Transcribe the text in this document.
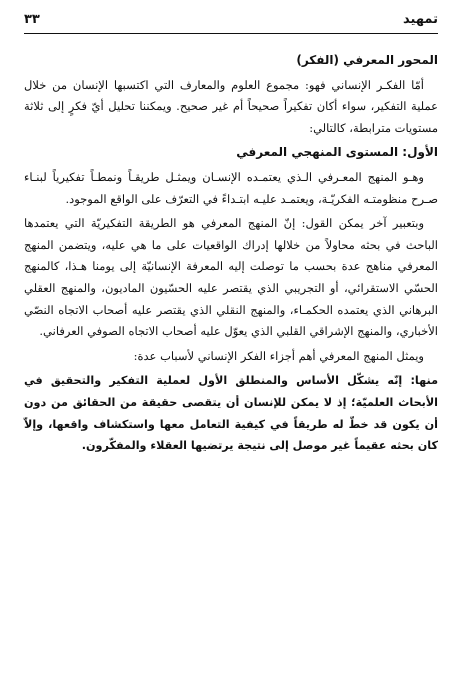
تمهيد
٣٣
المحور المعرفي (الفكر)

أمّا الفكـر الإنساني فهو: مجموع العلوم والمعارف التي اكتسبها الإنسان من خلال عملية التفكير، سواء أكان تفكيراً صحيحاً أم غير صحيح. ويمكننا تحليل أيّ فكرٍ إلى ثلاثة مستويات مترابطة، كالتالي:

الأول: المستوى المنهجي المعرفي

وهـو المنهج المعـرفي الـذي يعتمـده الإنسـان ويمثـل طريقـاً ونمطـاً تفكيرياً لبنـاء صـرح منظومتـه الفكريّـة، ويعتمـد عليـه ابتـداءً في التعرّف على الواقع الموجود.

وبتعبير آخر يمكن القول: إنّ المنهج المعرفي هو الطريقة التفكيريّة التي يعتمدها الباحث في بحثه محاولاً من خلالها إدراك الواقعيات على ما هي عليه، ويتضمن المنهج المعرفي مناهج عدة بحسب ما توصلت إليه المعرفة الإنسانيّة إلى يومنا هـذا، كالمنهج الحسّي الاستقرائي، أو التجريبي الذي يقتصر عليه الحسّيون الماديون، والمنهج العقلي البرهاني الذي يعتمده الحكمـاء، والمنهج النقلي الذي يقتصر عليه أصحاب الاتجاه النصّي الأخباري، والمنهج الإشراقي القلبي الذي يعوّل عليه أصحاب الاتجاه الصوفي العرفاني.

ويمثل المنهج المعرفي أهم أجزاء الفكر الإنساني لأسباب عدة:

منها: إنّه يشكّل الأساس والمنطلق الأول لعملية التفكير والتحقيق في الأبحاث العلميّة؛ إذ لا يمكن للإنسان أن يتقصى حقيقة من الحقائق من دون أن يكون قد خطّ له طريقاً في كيفية التعامل معها واستكشاف واقعها، وإلاّ كان بحثه عقيماً غير موصل إلى نتيجة يرتضيها العقلاء والمفكّرون.
